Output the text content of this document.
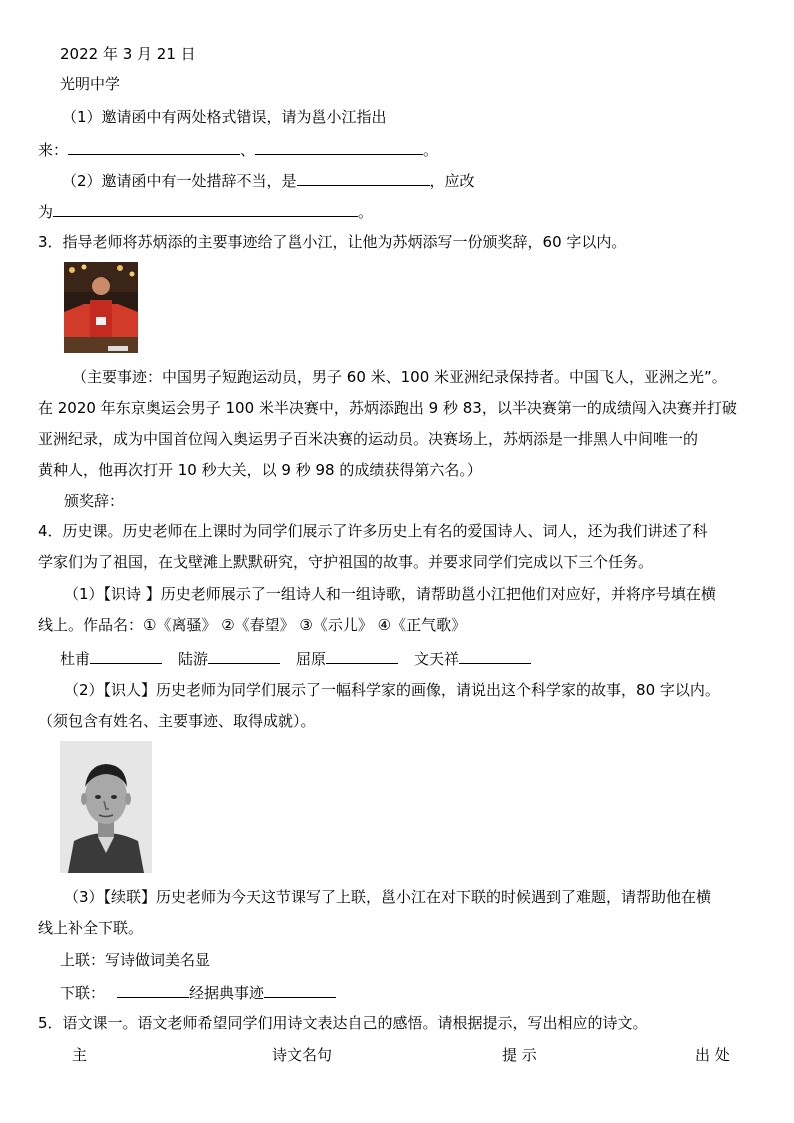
2022 年 3 月 21 日
光明中学
（1）邀请函中有两处格式错误，请为邕小江指出
来：	、	。
（2）邀请函中有一处措辞不当，是	，应改
为	。
3．指导老师将苏炳添的主要事迹给了邕小江，让他为苏炳添写一份颁奖辞，60 字以内。
（主要事迹：中国男子短跑运动员，男子 60 米、100 米亚洲纪录保持者。中国飞人，亚洲之光”。
在 2020 年东京奥运会男子 100 米半决赛中，苏炳添跑出 9 秒 83，以半决赛第一的成绩闯入决赛并打破
亚洲纪录，成为中国首位闯入奥运男子百米决赛的运动员。决赛场上，苏炳添是一排黑人中间唯一的
黄种人，他再次打开 10 秒大关，以 9 秒 98 的成绩获得第六名。）
颁奖辞：
4．历史课。历史老师在上课时为同学们展示了许多历史上有名的爱国诗人、词人，还为我们讲述了科
学家们为了祖国，在戈壁滩上默默研究，守护祖国的故事。并要求同学们完成以下三个任务。
（1）【识诗 】历史老师展示了一组诗人和一组诗歌，请帮助邕小江把他们对应好，并将序号填在横
线上。作品名：①《离骚》 ②《春望》 ③《示儿》 ④《正气歌》
杜甫	陆游	屈原	文天祥
（2）【识人】历史老师为同学们展示了一幅科学家的画像，请说出这个科学家的故事，80 字以内。
（须包含有姓名、主要事迹、取得成就）。
（3）【续联】历史老师为今天这节课写了上联，邕小江在对下联的时候遇到了难题，请帮助他在横
线上补全下联。
上联：写诗做词美名显
下联：	经据典事迹
5．语文课一。语文老师希望同学们用诗文表达自己的感悟。请根据提示，写出相应的诗文。
主	诗文名句	提 示	出 处
